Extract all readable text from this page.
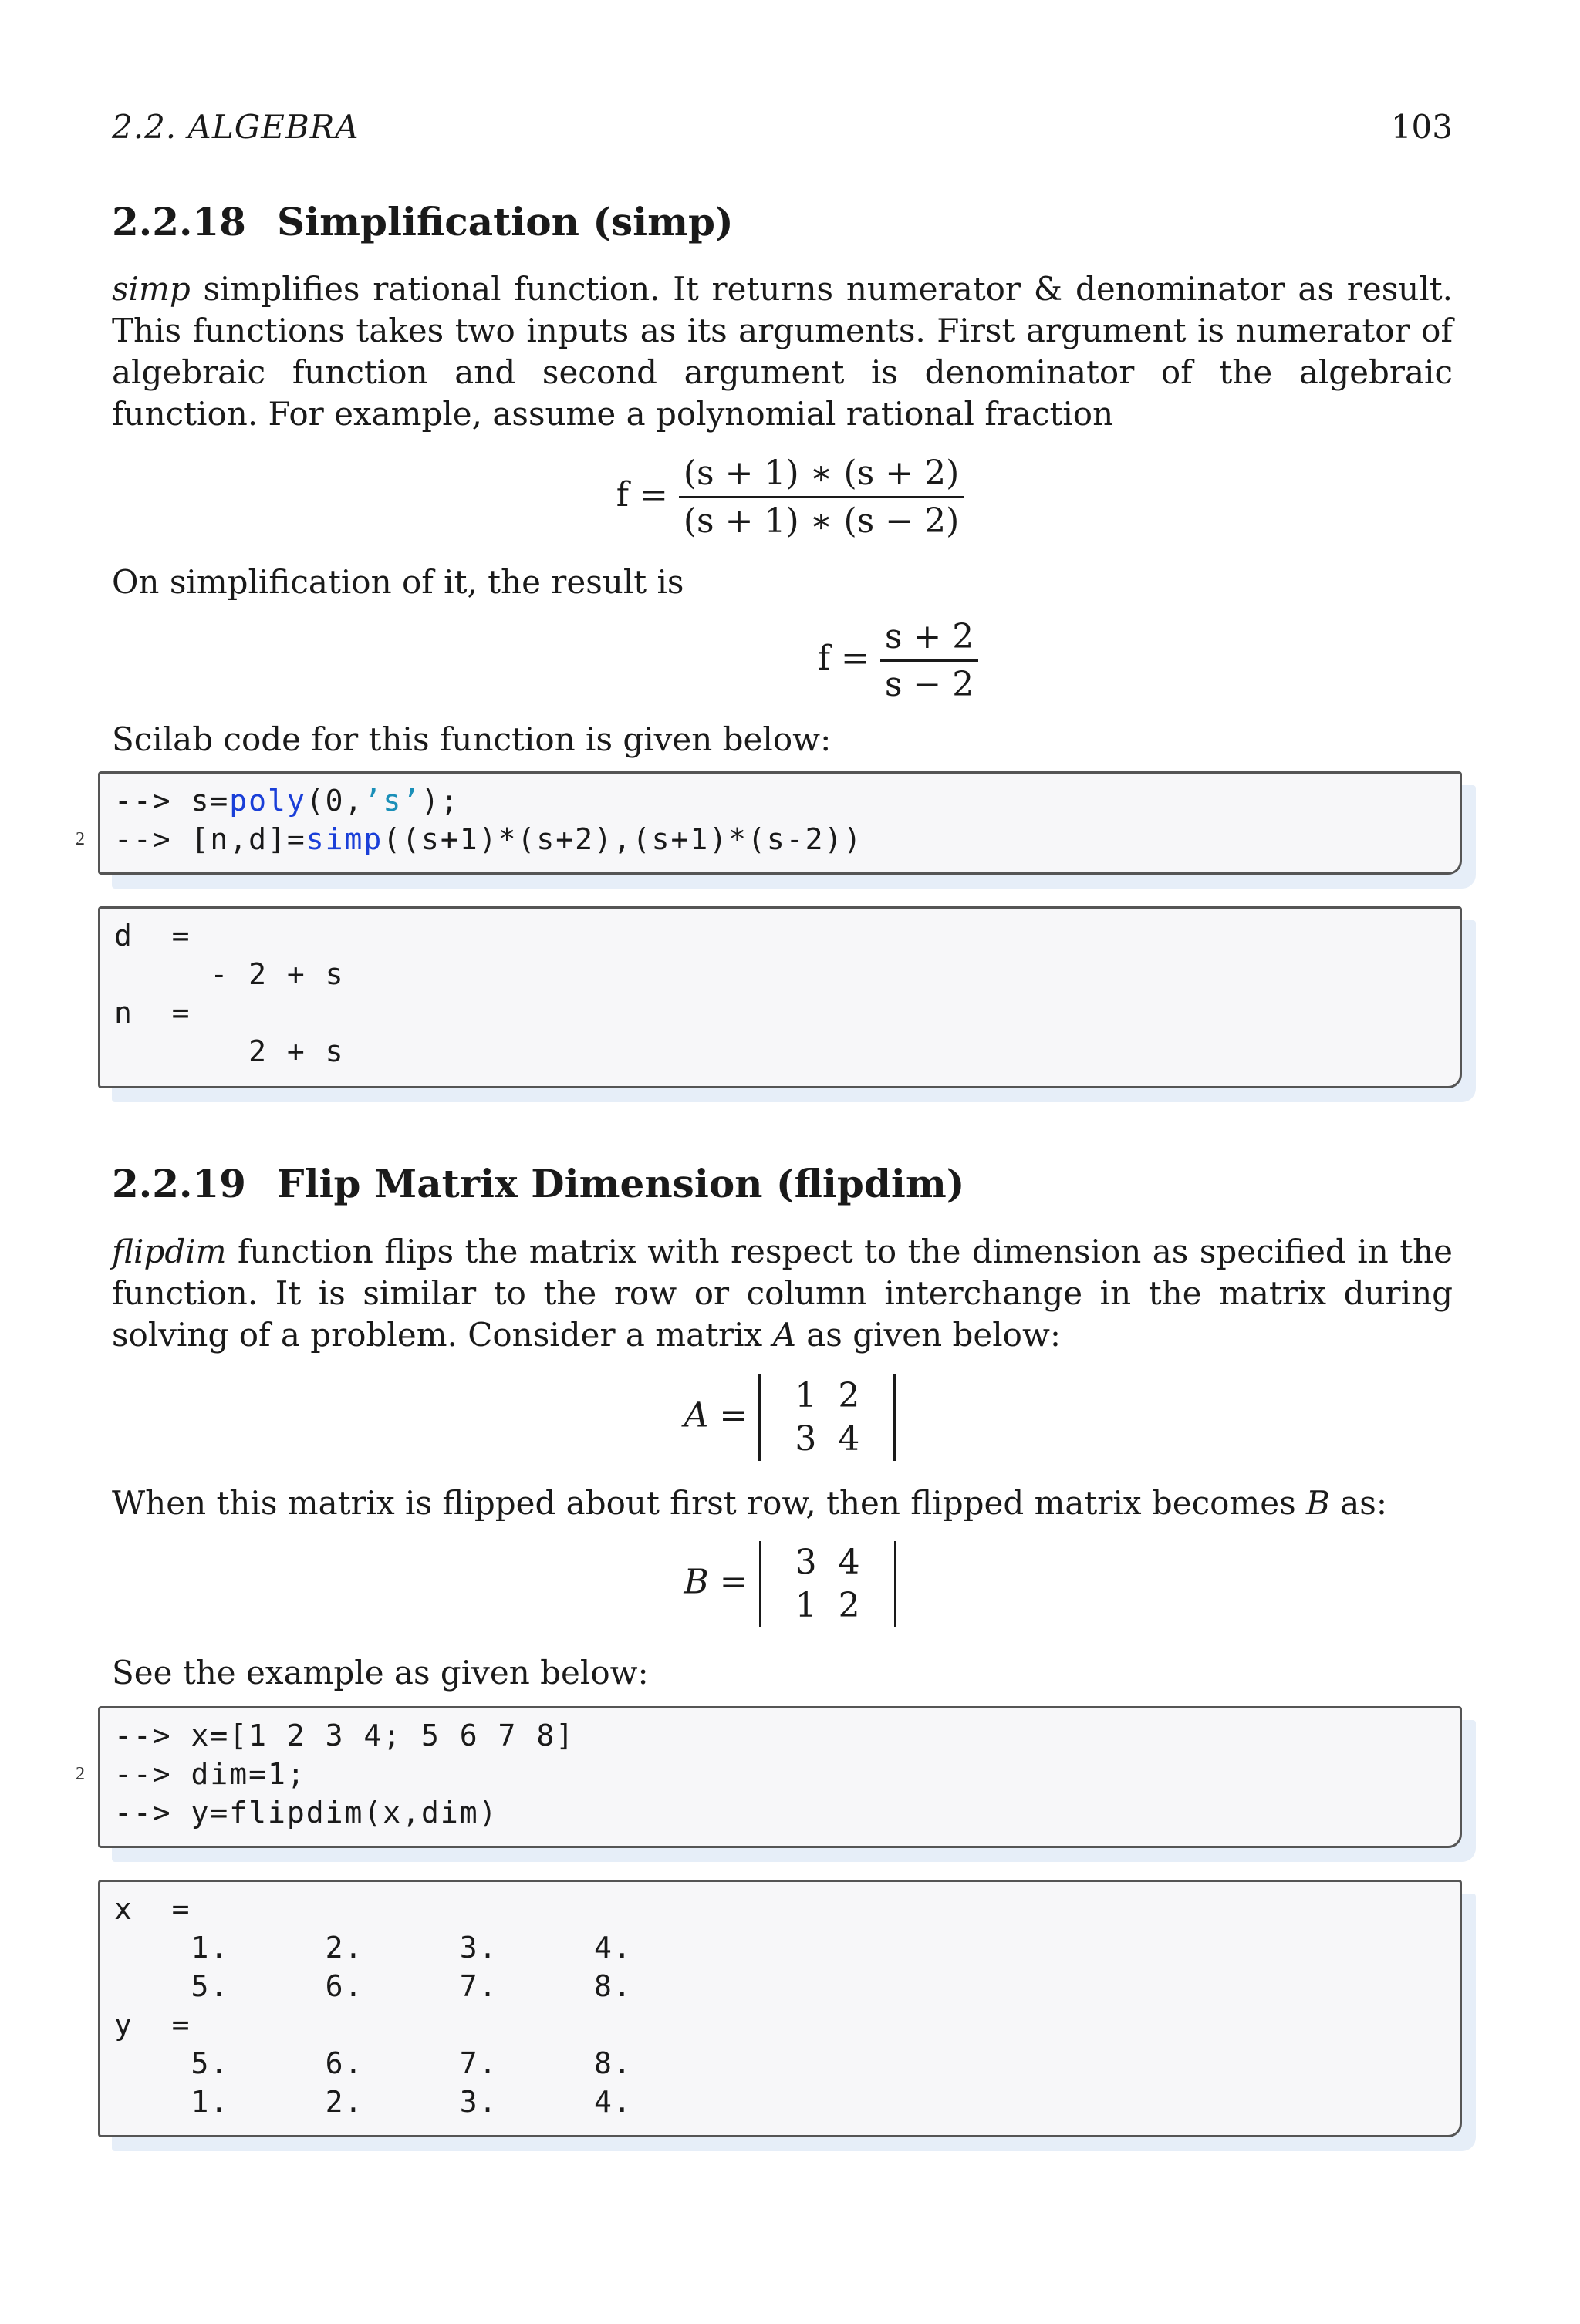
2.2. ALGEBRA	103
2.2.18 Simplification (simp)
simp simplifies rational function. It returns numerator & denominator as result. This functions takes two inputs as its arguments. First argument is numerator of algebraic function and second argument is denominator of the algebraic function. For example, assume a polynomial rational fraction
$f = \frac{(s + 1) ∗ (s + 2)}{(s + 1) ∗ (s - 2)}$
On simplification of it, the result is
$f = \frac{s + 2}{s - 2}$
Scilab code for this function is given below:
--> s=poly(0,’s’);
2 --> [n,d]=simp((s+1)*(s+2),(s+1)*(s-2))
d  =
- 2 + s
n  =
2 + s
2.2.19 Flip Matrix Dimension (flipdim)
flipdim function flips the matrix with respect to the dimension as specified in the function. It is similar to the row or column interchange in the matrix during solving of a problem. Consider a matrix A as given below:
A = 1	2
3	4
When this matrix is flipped about first row, then flipped matrix becomes B as:
B = 3	4
1	2
See the example as given below:
--> x=[1 2 3 4; 5 6 7 8]
2 --> dim=1;
--> y=flipdim(x,dim)
x  =
1.     2.     3.     4.
5.     6.     7.     8.
y  =
5.     6.     7.     8.
1.     2.     3.     4.
